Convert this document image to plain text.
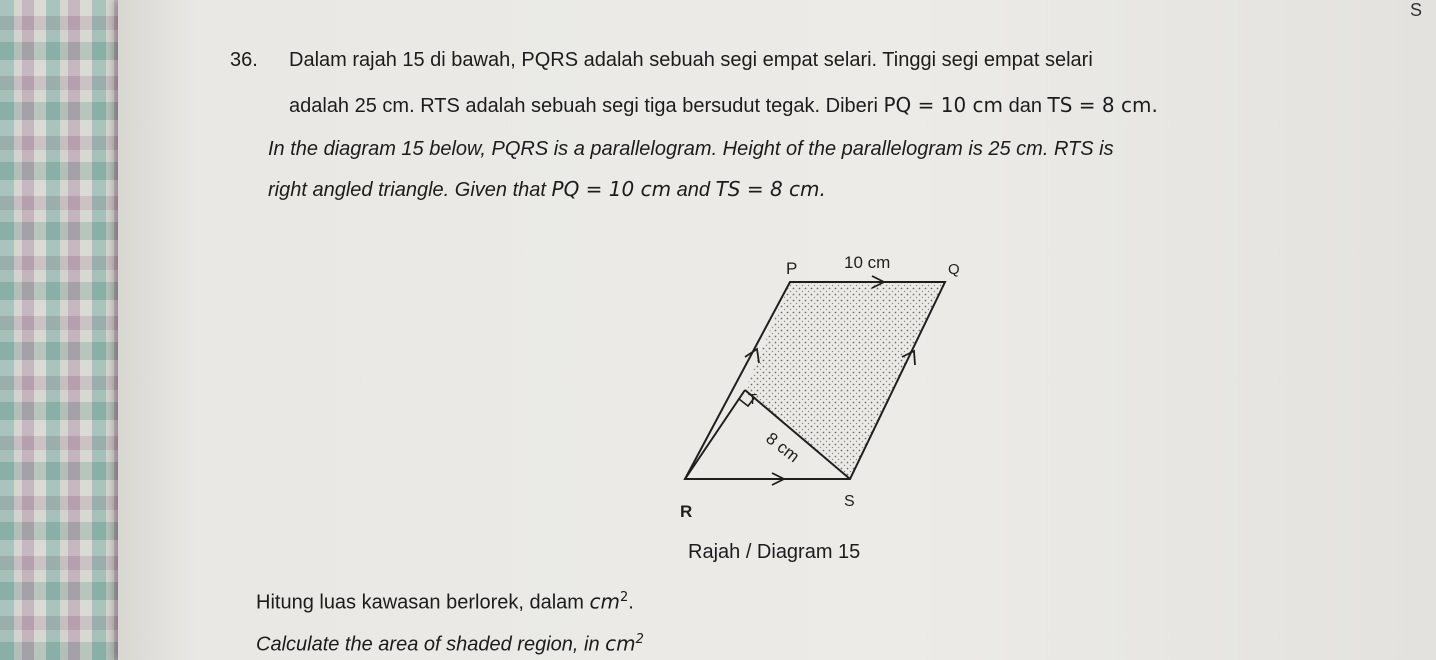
S
36. Dalam rajah 15 di bawah, PQRS adalah sebuah segi empat selari. Tinggi segi empat selari
adalah 25 cm. RTS adalah sebuah segi tiga bersudut tegak. Diberi PQ = 10 cm dan TS = 8 cm.
In the diagram 15 below, PQRS is a parallelogram. Height of the parallelogram is 25 cm. RTS is
right angled triangle. Given that PQ = 10 cm and TS = 8 cm.
P	10 cm	Q
T
8 cm
R
S
Rajah / Diagram 15
Hitung luas kawasan berlorek, dalam $cm^2$.
Calculate the area of shaded region, in $cm^2$
